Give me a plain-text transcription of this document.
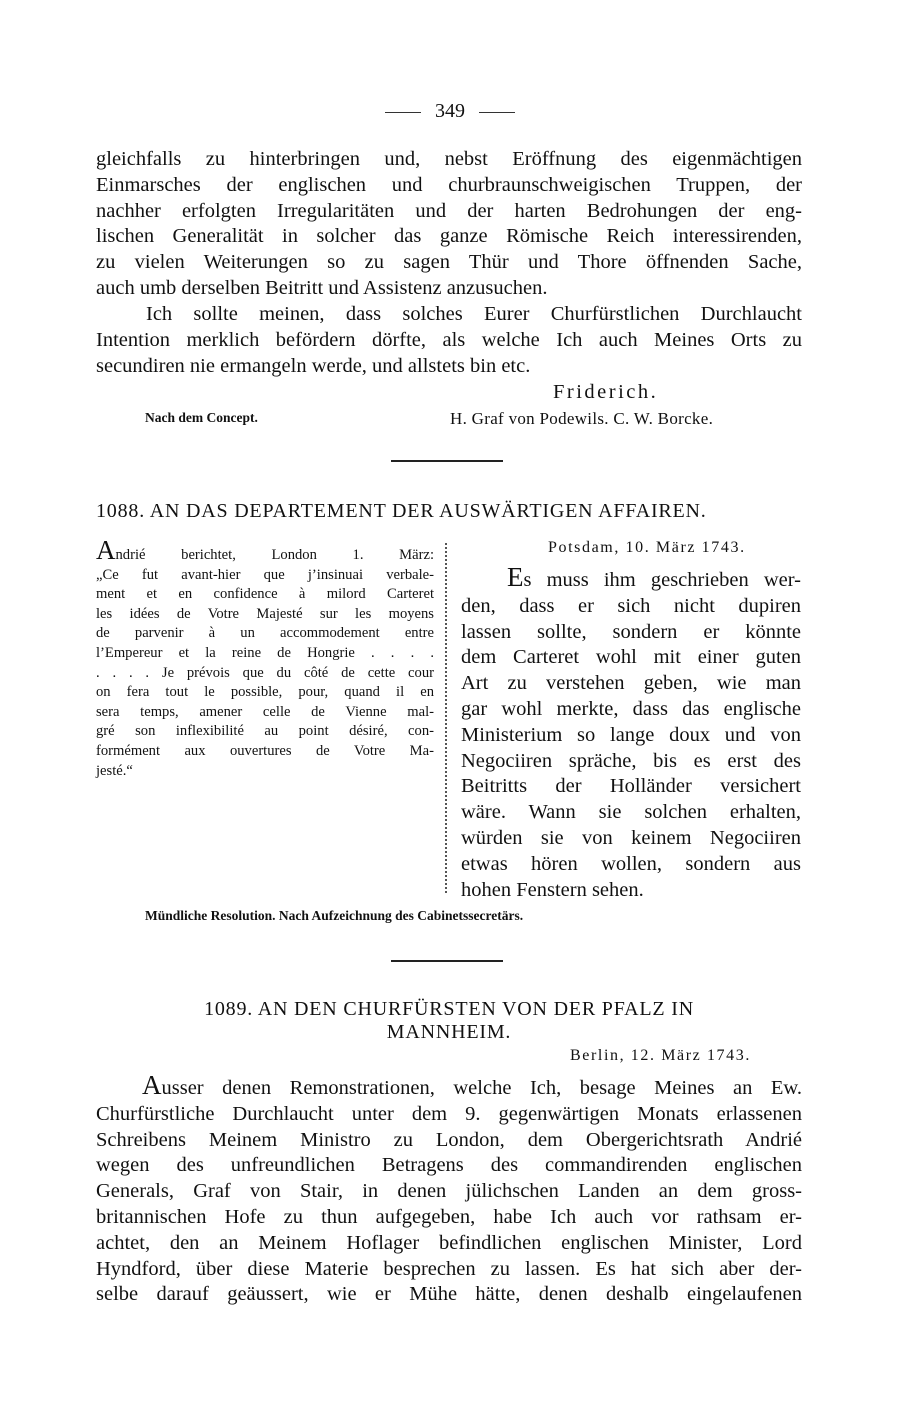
349
gleichfalls zu hinterbringen und, nebst Eröffnung des eigenmächtigen
Einmarsches der englischen und churbraunschweigischen Truppen, der
nachher erfolgten Irregularitäten und der harten Bedrohungen der eng-
lischen Generalität in solcher das ganze Römische Reich interessirenden,
zu vielen Weiterungen so zu sagen Thür und Thore öffnenden Sache,
auch umb derselben Beitritt und Assistenz anzusuchen.
Ich sollte meinen, dass solches Eurer Churfürstlichen Durchlaucht
Intention merklich befördern dörfte, als welche Ich auch Meines Orts zu
secundiren nie ermangeln werde, und allstets bin etc.
Friderich.
Nach dem Concept.	H. Graf von Podewils. C. W. Borcke.
1088. AN DAS DEPARTEMENT DER AUSWÄRTIGEN AFFAIREN.
Andrié berichtet, London 1. März:
„Ce fut avant-hier que j’insinuai verbale-
ment et en confidence à milord Carteret
les idées de Votre Majesté sur les moyens
de parvenir à un accommodement entre
l’Empereur et la reine de Hongrie . . . .
. . . . Je prévois que du côté de cette cour
on fera tout le possible, pour, quand il en
sera temps, amener celle de Vienne mal-
gré son inflexibilité au point désiré, con-
formément aux ouvertures de Votre Ma-
jesté.“
Potsdam, 10. März 1743.
Es muss ihm geschrieben wer-
den, dass er sich nicht dupiren
lassen sollte, sondern er könnte
dem Carteret wohl mit einer guten
Art zu verstehen geben, wie man
gar wohl merkte, dass das englische
Ministerium so lange doux und von
Negociiren spräche, bis es erst des
Beitritts der Holländer versichert
wäre. Wann sie solchen erhalten,
würden sie von keinem Negociiren
etwas hören wollen, sondern aus
hohen Fenstern sehen.
Mündliche Resolution. Nach Aufzeichnung des Cabinetssecretärs.
1089. AN DEN CHURFÜRSTEN VON DER PFALZ IN
MANNHEIM.
Berlin, 12. März 1743.
Ausser denen Remonstrationen, welche Ich, besage Meines an Ew.
Churfürstliche Durchlaucht unter dem 9. gegenwärtigen Monats erlassenen
Schreibens Meinem Ministro zu London, dem Obergerichtsrath Andrié
wegen des unfreundlichen Betragens des commandirenden englischen
Generals, Graf von Stair, in denen jülichschen Landen an dem gross-
britannischen Hofe zu thun aufgegeben, habe Ich auch vor rathsam er-
achtet, den an Meinem Hoflager befindlichen englischen Minister, Lord
Hyndford, über diese Materie besprechen zu lassen. Es hat sich aber der-
selbe darauf geäussert, wie er Mühe hätte, denen deshalb eingelaufenen
